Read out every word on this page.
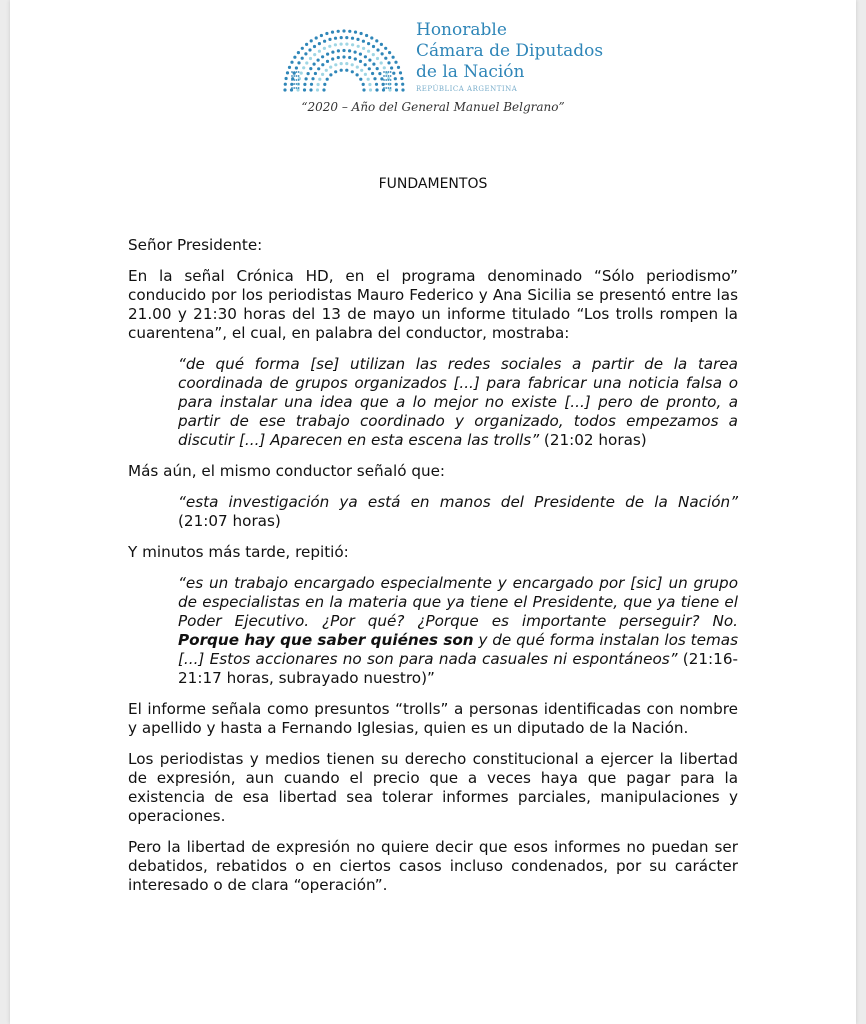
Honorable
Cámara de Diputados
de la Nación
REPÚBLICA ARGENTINA
“2020 – Año del General Manuel Belgrano”
FUNDAMENTOS

Señor Presidente:

En la señal Crónica HD, en el programa denominado “Sólo periodismo” conducido por los periodistas Mauro Federico y Ana Sicilia se presentó entre las 21.00 y 21:30 horas del 13 de mayo un informe titulado “Los trolls rompen la cuarentena”, el cual, en palabra del conductor, mostraba:

“de qué forma [se] utilizan las redes sociales a partir de la tarea coordinada de grupos organizados [...] para fabricar una noticia falsa o para instalar una idea que a lo mejor no existe [...] pero de pronto, a partir de ese trabajo coordinado y organizado, todos empezamos a discutir [...] Aparecen en esta escena las trolls” (21:02 horas)

Más aún, el mismo conductor señaló que:

“esta investigación ya está en manos del Presidente de la Nación” (21:07 horas)

Y minutos más tarde, repitió:

“es un trabajo encargado especialmente y encargado por [sic] un grupo de especialistas en la materia que ya tiene el Presidente, que ya tiene el Poder Ejecutivo. ¿Por qué? ¿Porque es importante perseguir? No. Porque hay que saber quiénes son y de qué forma instalan los temas [...] Estos accionares no son para nada casuales ni espontáneos” (21:16-21:17 horas, subrayado nuestro)”

El informe señala como presuntos “trolls” a personas identificadas con nombre y apellido y hasta a Fernando Iglesias, quien es un diputado de la Nación.

Los periodistas y medios tienen su derecho constitucional a ejercer la libertad de expresión, aun cuando el precio que a veces haya que pagar para la existencia de esa libertad sea tolerar informes parciales, manipulaciones y operaciones.

Pero la libertad de expresión no quiere decir que esos informes no puedan ser debatidos, rebatidos o en ciertos casos incluso condenados, por su carácter interesado o de clara “operación”.
